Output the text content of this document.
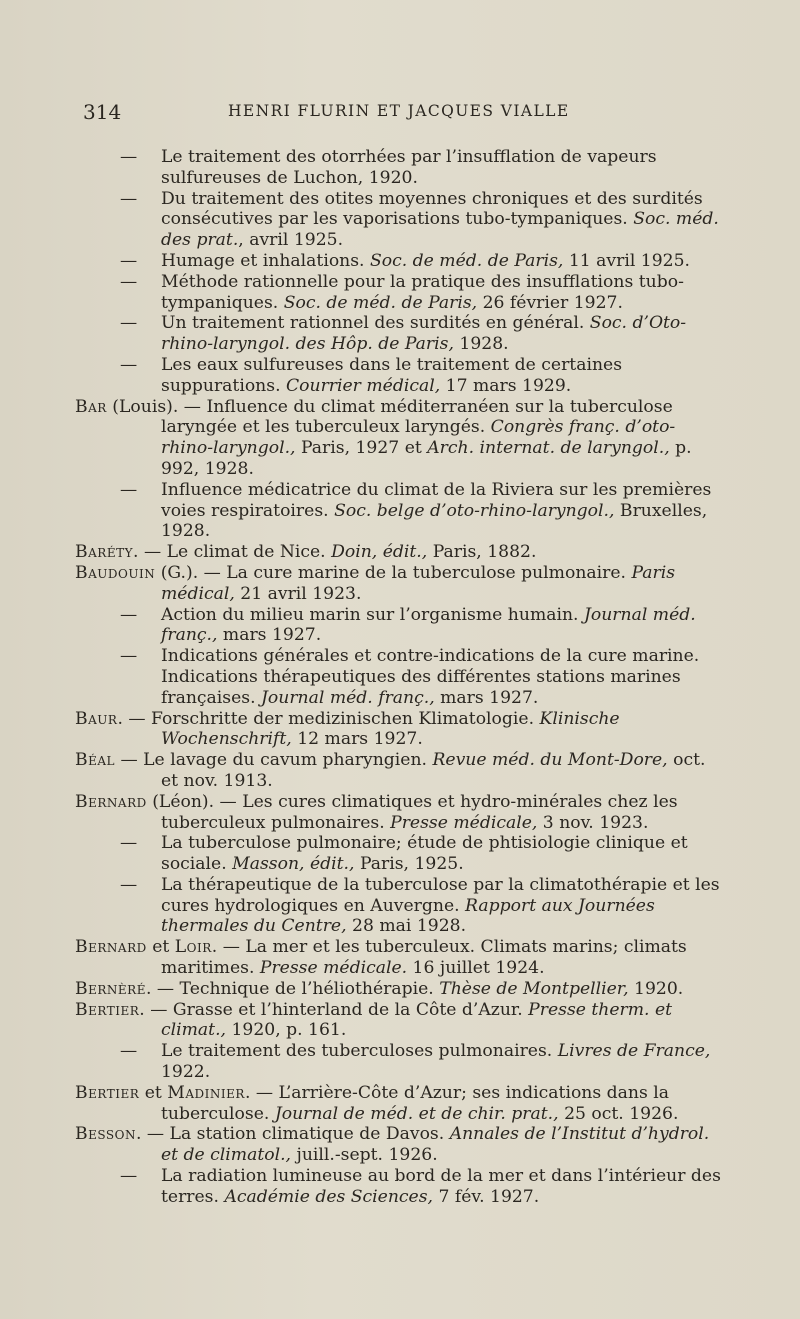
314	HENRI FLURIN ET JACQUES VIALLE
— Le traitement des otorrhées par l’insufflation de vapeurs sulfureuses de Luchon, 1920.
— Du traitement des otites moyennes chroniques et des surdités consécutives par les vaporisations tubo-tympaniques. Soc. méd. des prat., avril 1925.
— Humage et inhalations. Soc. de méd. de Paris, 11 avril 1925.
— Méthode rationnelle pour la pratique des insufflations tubo-tympaniques. Soc. de méd. de Paris, 26 février 1927.
— Un traitement rationnel des surdités en général. Soc. d’Oto-rhino-laryngol. des Hôp. de Paris, 1928.
— Les eaux sulfureuses dans le traitement de certaines suppurations. Courrier médical, 17 mars 1929.
Bar (Louis). — Influence du climat méditerranéen sur la tuberculose laryngée et les tuberculeux laryngés. Congrès franç. d’oto-rhino-laryngol., Paris, 1927 et Arch. internat. de laryngol., p. 992, 1928.
— Influence médicatrice du climat de la Riviera sur les premières voies respiratoires. Soc. belge d’oto-rhino-laryngol., Bruxelles, 1928.
Baréty. — Le climat de Nice. Doin, édit., Paris, 1882.
Baudouin (G.). — La cure marine de la tuberculose pulmonaire. Paris médical, 21 avril 1923.
— Action du milieu marin sur l’organisme humain. Journal méd. franç., mars 1927.
— Indications générales et contre-indications de la cure marine. Indications thérapeutiques des différentes stations marines françaises. Journal méd. franç., mars 1927.
Baur. — Forschritte der medizinischen Klimatologie. Klinische Wochenschrift, 12 mars 1927.
Béal — Le lavage du cavum pharyngien. Revue méd. du Mont-Dore, oct. et nov. 1913.
Bernard (Léon). — Les cures climatiques et hydro-minérales chez les tuberculeux pulmonaires. Presse médicale, 3 nov. 1923.
— La tuberculose pulmonaire; étude de phtisiologie clinique et sociale. Masson, édit., Paris, 1925.
— La thérapeutique de la tuberculose par la climatothérapie et les cures hydrologiques en Auvergne. Rapport aux Journées thermales du Centre, 28 mai 1928.
Bernard et Loir. — La mer et les tuberculeux. Climats marins; climats maritimes. Presse médicale. 16 juillet 1924.
Bernèré. — Technique de l’héliothérapie. Thèse de Montpellier, 1920.
Bertier. — Grasse et l’hinterland de la Côte d’Azur. Presse therm. et climat., 1920, p. 161.
— Le traitement des tuberculoses pulmonaires. Livres de France, 1922.
Bertier et Madinier. — L’arrière-Côte d’Azur; ses indications dans la tuberculose. Journal de méd. et de chir. prat., 25 oct. 1926.
Besson. — La station climatique de Davos. Annales de l’Institut d’hydrol. et de climatol., juill.-sept. 1926.
— La radiation lumineuse au bord de la mer et dans l’intérieur des terres. Académie des Sciences, 7 fév. 1927.
